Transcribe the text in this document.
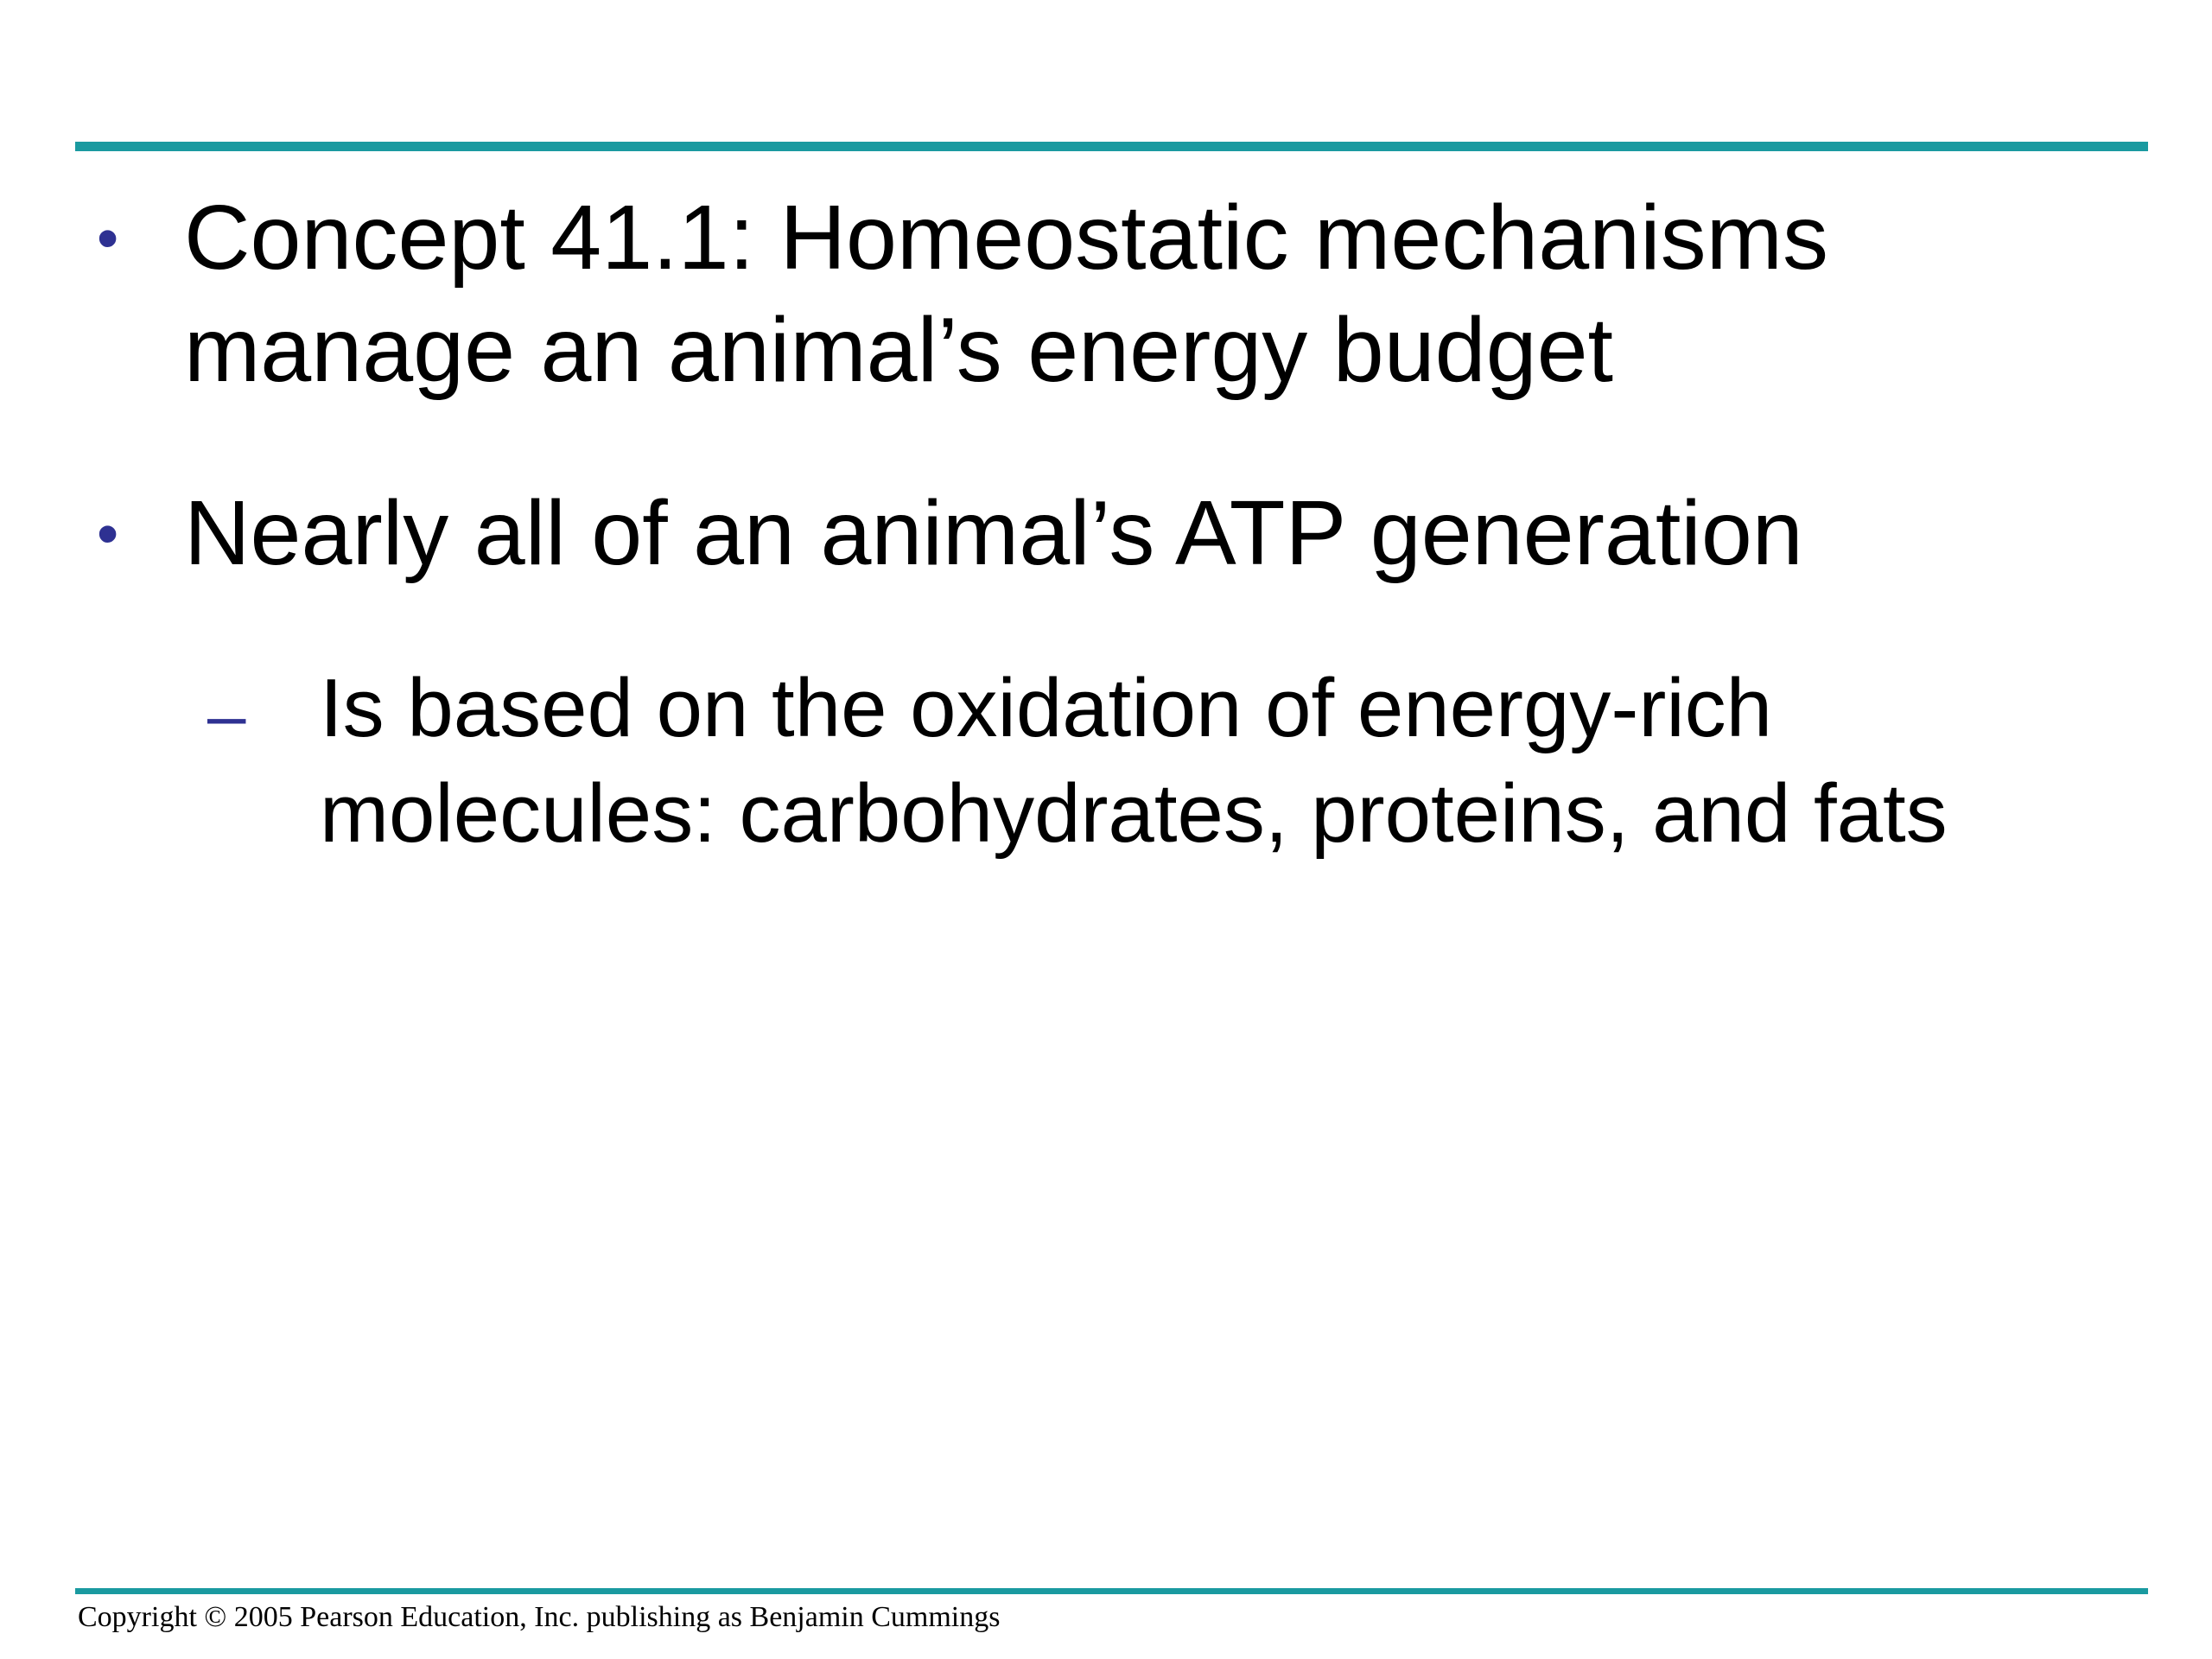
• Concept 41.1: Homeostatic mechanisms
manage an animal’s energy budget
• Nearly all of an animal’s ATP generation
– Is based on the oxidation of energy-rich
molecules: carbohydrates, proteins, and fats
Copyright © 2005 Pearson Education, Inc. publishing as Benjamin Cummings
